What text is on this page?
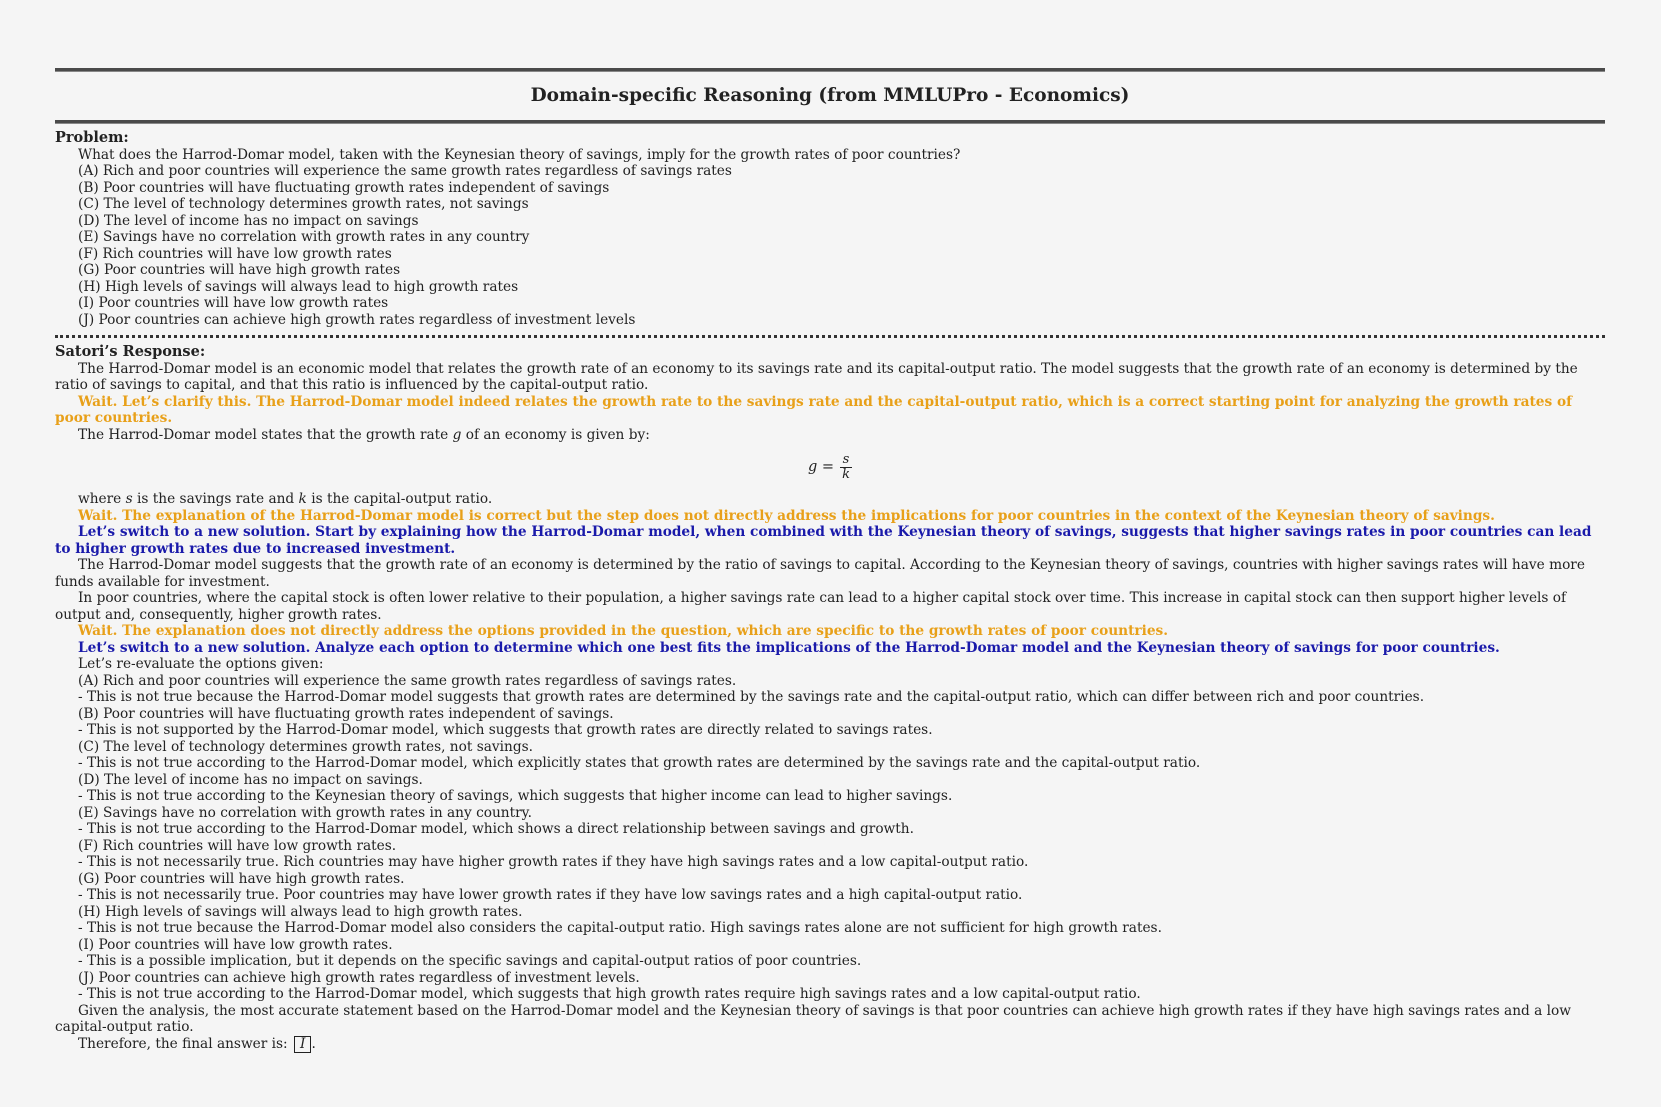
Domain-specific Reasoning (from MMLUPro - Economics)
Problem:
What does the Harrod-Domar model, taken with the Keynesian theory of savings, imply for the growth rates of poor countries?
(A) Rich and poor countries will experience the same growth rates regardless of savings rates
(B) Poor countries will have fluctuating growth rates independent of savings
(C) The level of technology determines growth rates, not savings
(D) The level of income has no impact on savings
(E) Savings have no correlation with growth rates in any country
(F) Rich countries will have low growth rates
(G) Poor countries will have high growth rates
(H) High levels of savings will always lead to high growth rates
(I) Poor countries will have low growth rates
(J) Poor countries can achieve high growth rates regardless of investment levels
Satori’s Response:
The Harrod-Domar model is an economic model that relates the growth rate of an economy to its savings rate and its capital-output ratio. The model suggests that the growth rate of an economy is determined by the ratio of savings to capital, and that this ratio is influenced by the capital-output ratio.
Wait. Let’s clarify this. The Harrod-Domar model indeed relates the growth rate to the savings rate and the capital-output ratio, which is a correct starting point for analyzing the growth rates of poor countries.
The Harrod-Domar model states that the growth rate g of an economy is given by:
$g = \frac{s}{k}$
where s is the savings rate and k is the capital-output ratio.
Wait. The explanation of the Harrod-Domar model is correct but the step does not directly address the implications for poor countries in the context of the Keynesian theory of savings.
Let’s switch to a new solution. Start by explaining how the Harrod-Domar model, when combined with the Keynesian theory of savings, suggests that higher savings rates in poor countries can lead to higher growth rates due to increased investment.
The Harrod-Domar model suggests that the growth rate of an economy is determined by the ratio of savings to capital. According to the Keynesian theory of savings, countries with higher savings rates will have more funds available for investment.
In poor countries, where the capital stock is often lower relative to their population, a higher savings rate can lead to a higher capital stock over time. This increase in capital stock can then support higher levels of output and, consequently, higher growth rates.
Wait. The explanation does not directly address the options provided in the question, which are specific to the growth rates of poor countries.
Let’s switch to a new solution. Analyze each option to determine which one best fits the implications of the Harrod-Domar model and the Keynesian theory of savings for poor countries.
Let’s re-evaluate the options given:
(A) Rich and poor countries will experience the same growth rates regardless of savings rates.
- This is not true because the Harrod-Domar model suggests that growth rates are determined by the savings rate and the capital-output ratio, which can differ between rich and poor countries.
(B) Poor countries will have fluctuating growth rates independent of savings.
- This is not supported by the Harrod-Domar model, which suggests that growth rates are directly related to savings rates.
(C) The level of technology determines growth rates, not savings.
- This is not true according to the Harrod-Domar model, which explicitly states that growth rates are determined by the savings rate and the capital-output ratio.
(D) The level of income has no impact on savings.
- This is not true according to the Keynesian theory of savings, which suggests that higher income can lead to higher savings.
(E) Savings have no correlation with growth rates in any country.
- This is not true according to the Harrod-Domar model, which shows a direct relationship between savings and growth.
(F) Rich countries will have low growth rates.
- This is not necessarily true. Rich countries may have higher growth rates if they have high savings rates and a low capital-output ratio.
(G) Poor countries will have high growth rates.
- This is not necessarily true. Poor countries may have lower growth rates if they have low savings rates and a high capital-output ratio.
(H) High levels of savings will always lead to high growth rates.
- This is not true because the Harrod-Domar model also considers the capital-output ratio. High savings rates alone are not sufficient for high growth rates.
(I) Poor countries will have low growth rates.
- This is a possible implication, but it depends on the specific savings and capital-output ratios of poor countries.
(J) Poor countries can achieve high growth rates regardless of investment levels.
- This is not true according to the Harrod-Domar model, which suggests that high growth rates require high savings rates and a low capital-output ratio.
Given the analysis, the most accurate statement based on the Harrod-Domar model and the Keynesian theory of savings is that poor countries can achieve high growth rates if they have high savings rates and a low capital-output ratio.
Therefore, the final answer is: I .
